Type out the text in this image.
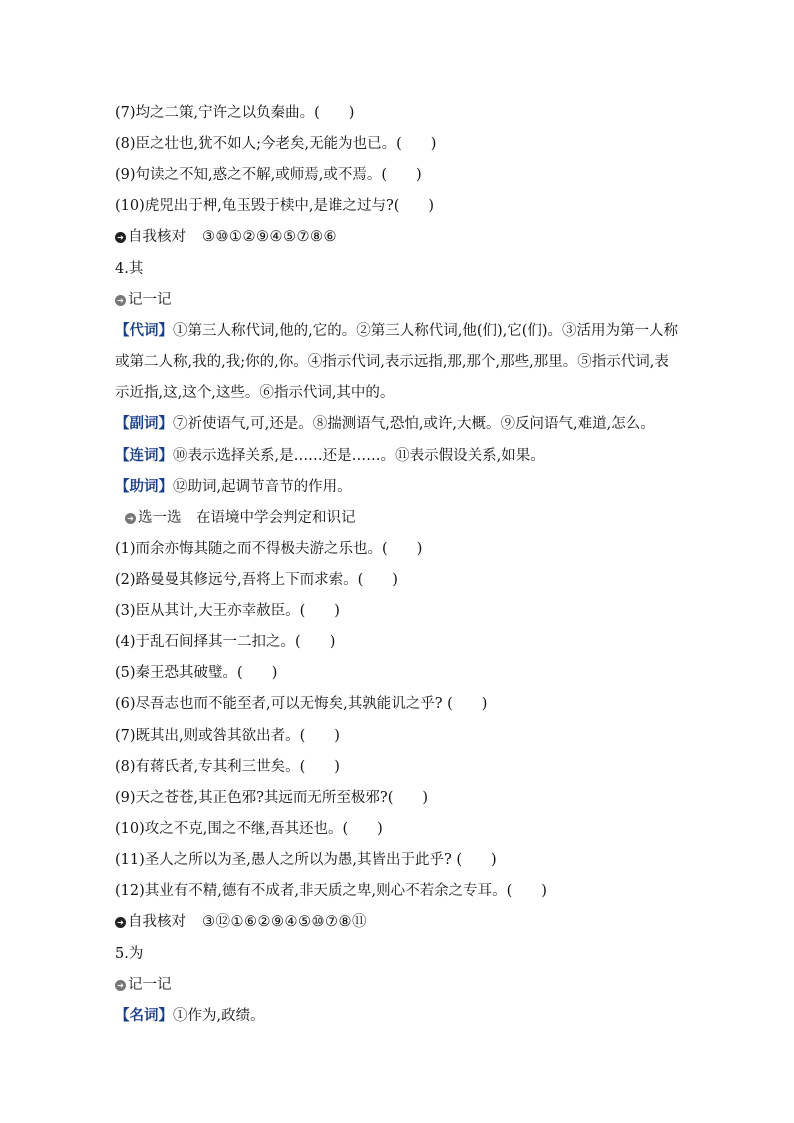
(7)均之二策,宁许之以负秦曲。(　　)
(8)臣之壮也,犹不如人;今老矣,无能为也已。(　　)
(9)句读之不知,惑之不解,或师焉,或不焉。(　　)
(10)虎兕出于柙,龟玉毁于椟中,是谁之过与?(　　)
➜ 自我核对 ③⑩①②⑨④⑤⑦⑧⑥
4.其
➜ 记一记
【代词】①第三人称代词,他的,它的。②第三人称代词,他(们),它(们)。③活用为第一人称
或第二人称,我的,我;你的,你。④指示代词,表示远指,那,那个,那些,那里。⑤指示代词,表
示近指,这,这个,这些。⑥指示代词,其中的。
【副词】⑦祈使语气,可,还是。⑧揣测语气,恐怕,或许,大概。⑨反问语气,难道,怎么。
【连词】⑩表示选择关系,是……还是……。⑪表示假设关系,如果。
【助词】⑫助词,起调节音节的作用。
➜ 选一选　在语境中学会判定和识记
(1)而余亦悔其随之而不得极夫游之乐也。(　　)
(2)路曼曼其修远兮,吾将上下而求索。(　　)
(3)臣从其计,大王亦幸赦臣。(　　)
(4)于乱石间择其一二扣之。(　　)
(5)秦王恐其破璧。(　　)
(6)尽吾志也而不能至者,可以无悔矣,其孰能讥之乎? (　　)
(7)既其出,则或咎其欲出者。(　　)
(8)有蒋氏者,专其利三世矣。(　　)
(9)天之苍苍,其正色邪?其远而无所至极邪?(　　)
(10)攻之不克,围之不继,吾其还也。(　　)
(11)圣人之所以为圣,愚人之所以为愚,其皆出于此乎? (　　)
(12)其业有不精,德有不成者,非天质之卑,则心不若余之专耳。(　　)
➜ 自我核对 ③⑫①⑥②⑨④⑤⑩⑦⑧⑪
5.为
➜ 记一记
【名词】①作为,政绩。
